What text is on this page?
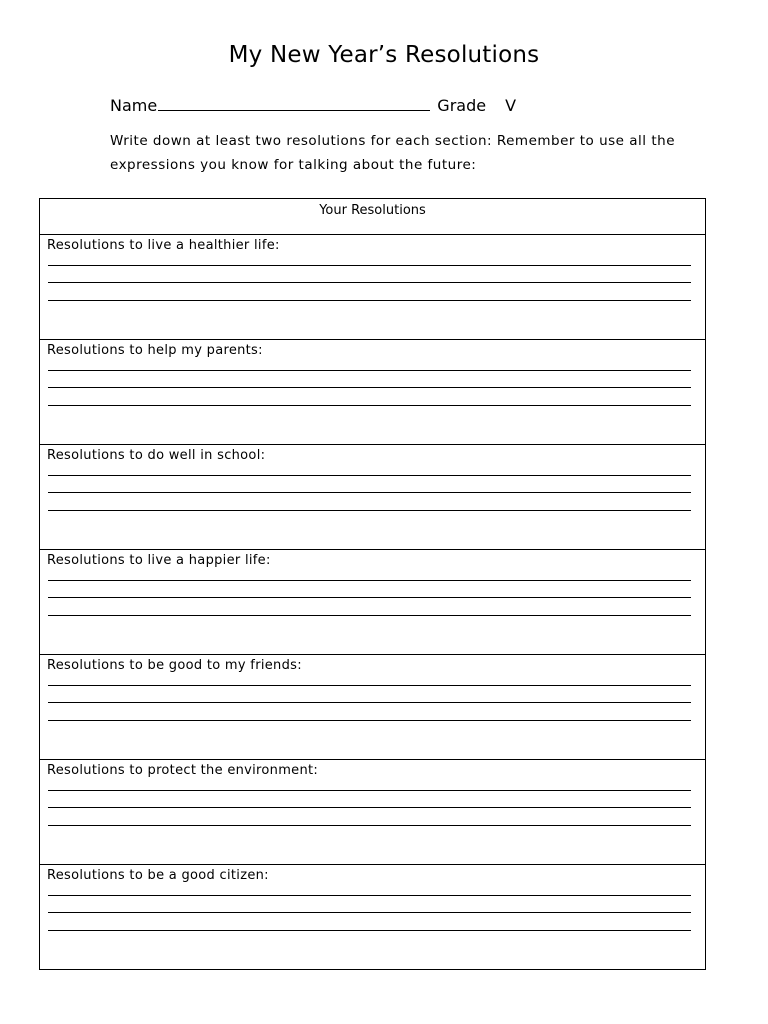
My New Year’s Resolutions
Name	Grade V
Write down at least two resolutions for each section: Remember to use all the expressions you know for talking about the future:
Your Resolutions
Resolutions to live a healthier life:
Resolutions to help my parents:
Resolutions to do well in school:
Resolutions to live a happier life:
Resolutions to be good to my friends:
Resolutions to protect the environment:
Resolutions to be a good citizen:
